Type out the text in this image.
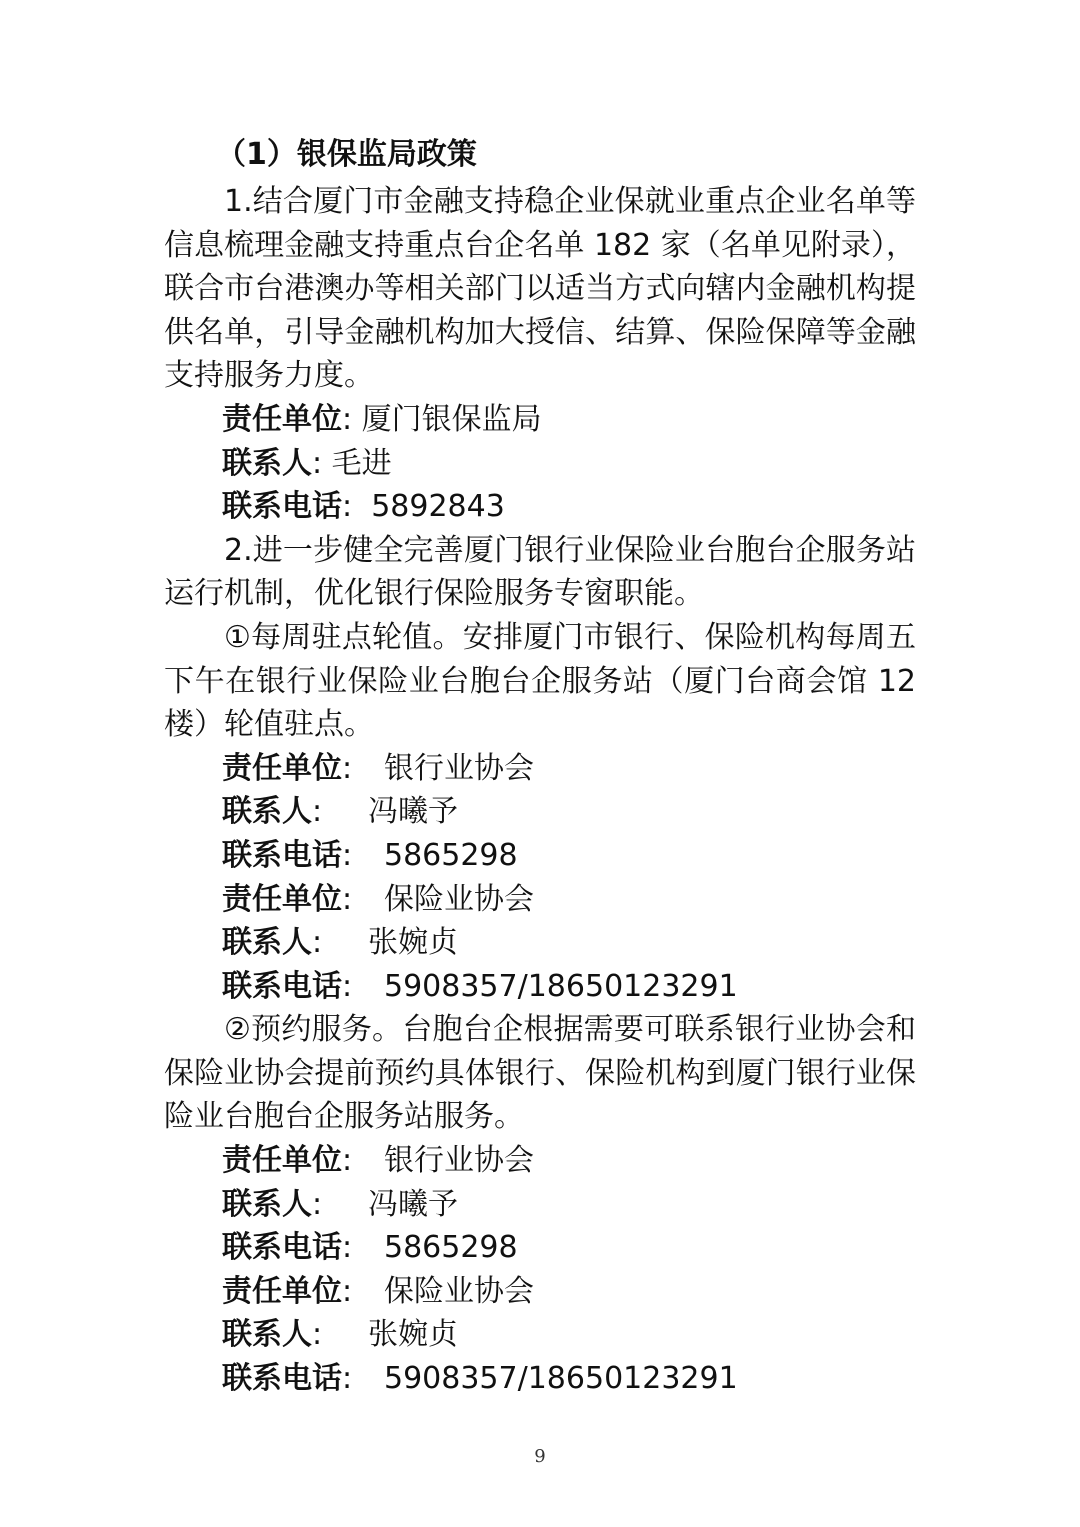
（1）银保监局政策

1.结合厦门市金融支持稳企业保就业重点企业名单等信息梳理金融支持重点台企名单 182 家（名单见附录），联合市台港澳办等相关部门以适当方式向辖内金融机构提供名单，引导金融机构加大授信、结算、保险保障等金融支持服务力度。

责任单位: 厦门银保监局

联系人: 毛进

联系电话: 5892843

2.进一步健全完善厦门银行业保险业台胞台企服务站运行机制，优化银行保险服务专窗职能。

①每周驻点轮值。安排厦门市银行、保险机构每周五下午在银行业保险业台胞台企服务站（厦门台商会馆 12 楼）轮值驻点。

责任单位: 银行业协会

联系人: 冯曦予

联系电话: 5865298

责任单位: 保险业协会

联系人: 张婉贞

联系电话: 5908357/18650123291

②预约服务。台胞台企根据需要可联系银行业协会和保险业协会提前预约具体银行、保险机构到厦门银行业保险业台胞台企服务站服务。

责任单位: 银行业协会

联系人: 冯曦予

联系电话: 5865298

责任单位: 保险业协会

联系人: 张婉贞

联系电话: 5908357/18650123291

9
